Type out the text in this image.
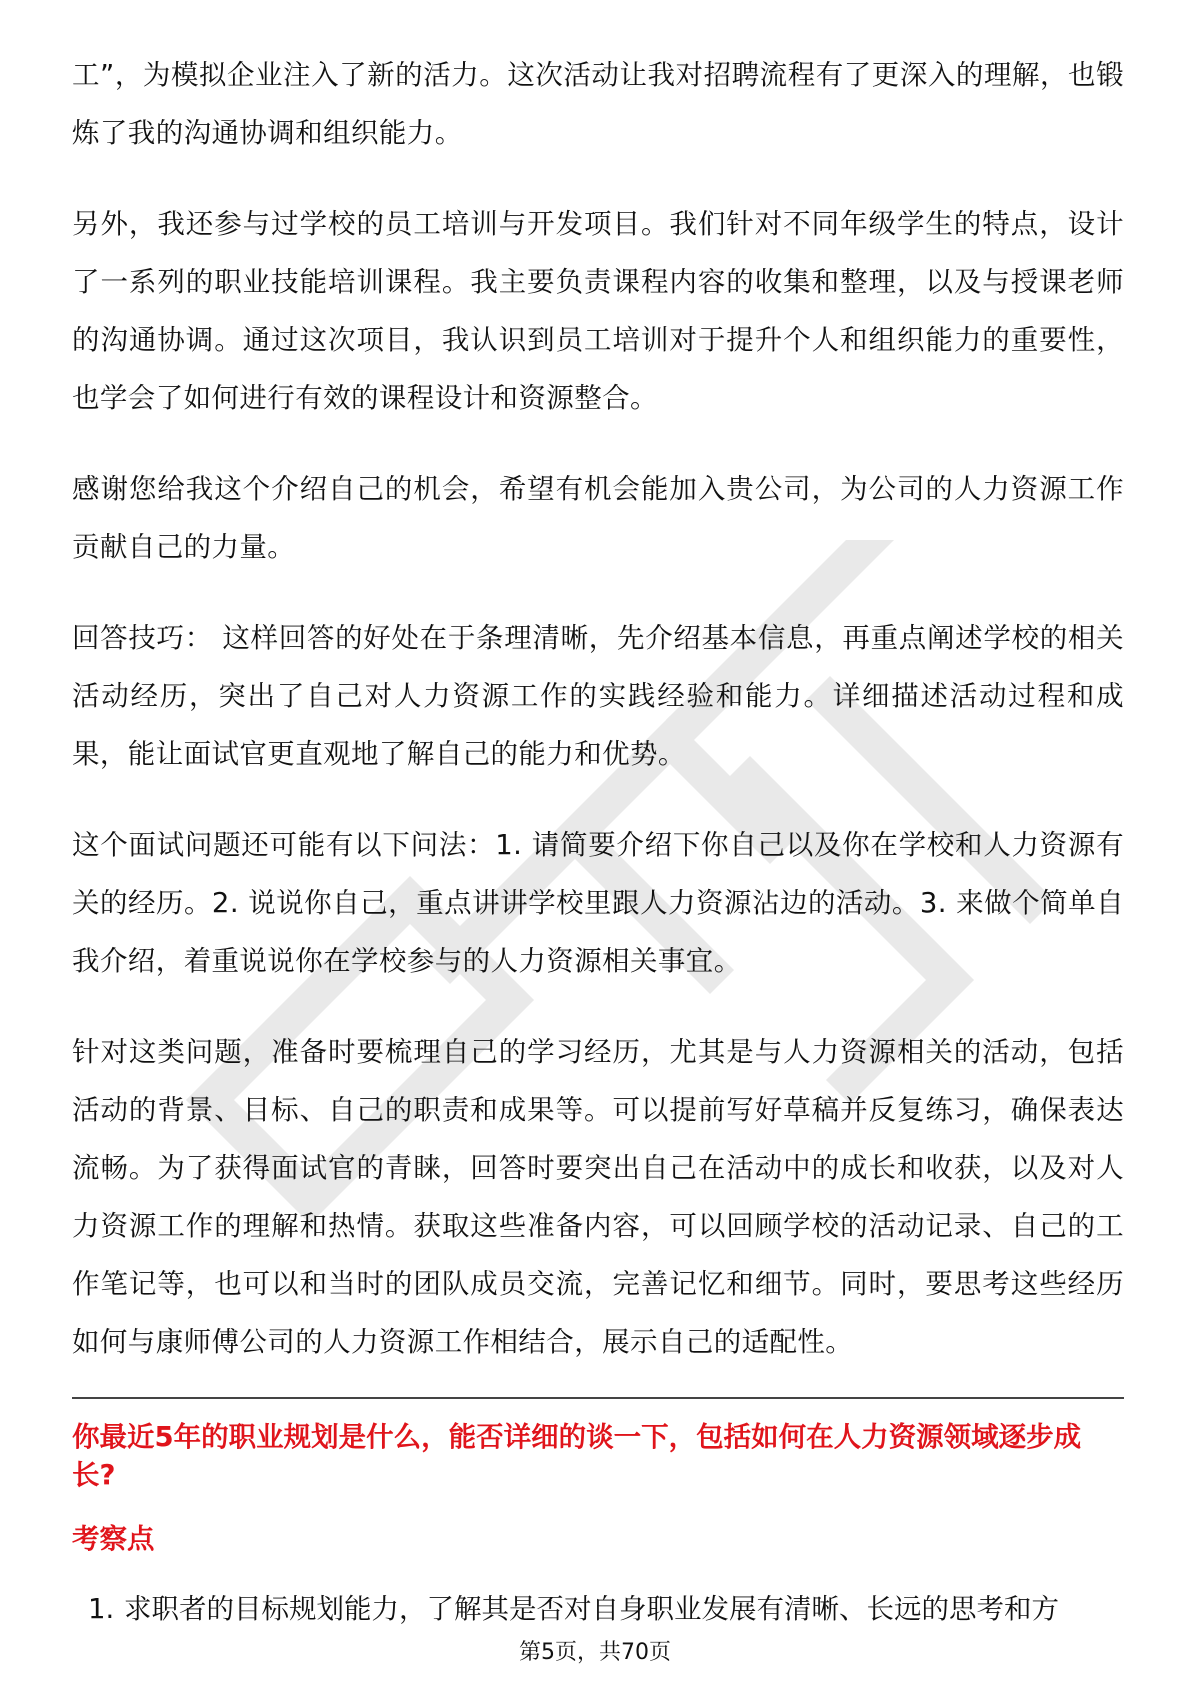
工”，为模拟企业注入了新的活力。这次活动让我对招聘流程有了更深入的理解，也锻炼了我的沟通协调和组织能力。

另外，我还参与过学校的员工培训与开发项目。我们针对不同年级学生的特点，设计了一系列的职业技能培训课程。我主要负责课程内容的收集和整理，以及与授课老师的沟通协调。通过这次项目，我认识到员工培训对于提升个人和组织能力的重要性，也学会了如何进行有效的课程设计和资源整合。

感谢您给我这个介绍自己的机会，希望有机会能加入贵公司，为公司的人力资源工作贡献自己的力量。

回答技巧： 这样回答的好处在于条理清晰，先介绍基本信息，再重点阐述学校的相关活动经历，突出了自己对人力资源工作的实践经验和能力。详细描述活动过程和成果，能让面试官更直观地了解自己的能力和优势。

这个面试问题还可能有以下问法：1. 请简要介绍下你自己以及你在学校和人力资源有关的经历。2. 说说你自己，重点讲讲学校里跟人力资源沾边的活动。3. 来做个简单自我介绍，着重说说你在学校参与的人力资源相关事宜。

针对这类问题，准备时要梳理自己的学习经历，尤其是与人力资源相关的活动，包括活动的背景、目标、自己的职责和成果等。可以提前写好草稿并反复练习，确保表达流畅。为了获得面试官的青睐，回答时要突出自己在活动中的成长和收获，以及对人力资源工作的理解和热情。获取这些准备内容，可以回顾学校的活动记录、自己的工作笔记等，也可以和当时的团队成员交流，完善记忆和细节。同时，要思考这些经历如何与康师傅公司的人力资源工作相结合，展示自己的适配性。

你最近5年的职业规划是什么，能否详细的谈一下，包括如何在人力资源领域逐步成长?
考察点
1. 求职者的目标规划能力，了解其是否对自身职业发展有清晰、长远的思考和方
第5页，共70页
